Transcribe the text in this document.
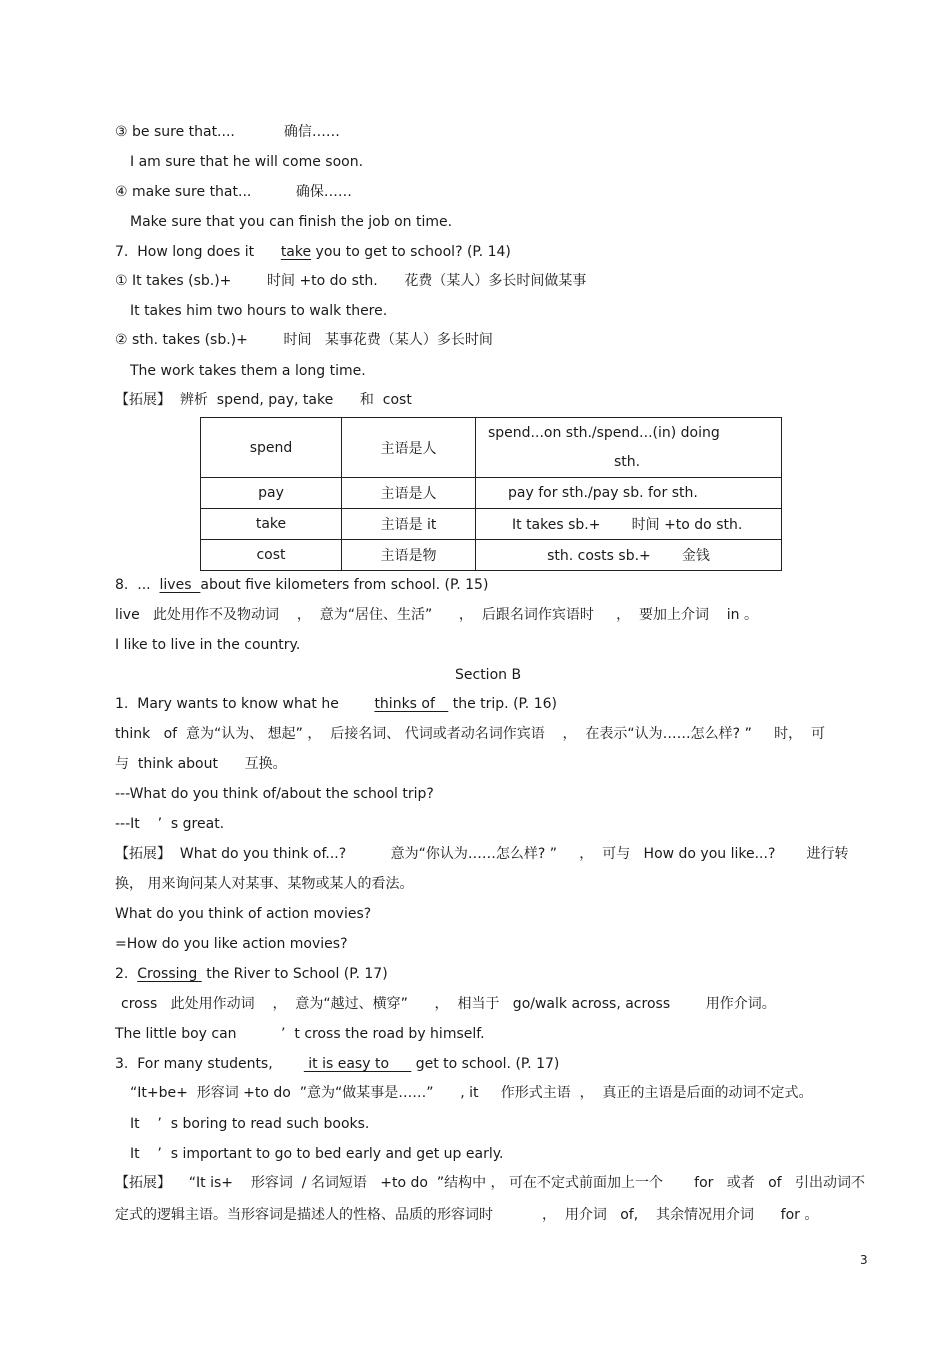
③ be sure that....           确信……
I am sure that he will come soon.
④ make sure that...          确保……
Make sure that you can finish the job on time.
7.  How long does it      take you to get to school? (P. 14)
① It takes (sb.)+        时间 +to do sth.      花费（某人）多长时间做某事
It takes him two hours to walk there.
② sth. takes (sb.)+        时间   某事花费（某人）多长时间
The work takes them a long time.
【拓展】  辨析  spend, pay, take      和  cost
spend	主语是人	spend...on sth./spend...(in) doing
sth.

pay	主语是人	pay for sth./pay sb. for sth.
take	主语是 it	It takes sb.+       时间 +to do sth.
cost	主语是物	sth. costs sb.+       金钱
8.  ...  lives  about five kilometers from school. (P. 15)
live   此处用作不及物动词    ，  意为“居住、生活”      ，  后跟名词作宾语时     ，  要加上介词    in 。
I like to live in the country.
Section B
1.  Mary wants to know what he        thinks of    the trip. (P. 16)
think   of  意为“认为、 想起” ，  后接名词、 代词或者动名词作宾语    ，  在表示“认为……怎么样? ”     时，  可
与  think about      互换。
---What do you think of/about the school trip?
---It    ’  s great.
【拓展】  What do you think of...?          意为“你认为……怎么样? ”     ，  可与   How do you like...?       进行转
换， 用来询问某人对某事、某物或某人的看法。
What do you think of action movies?
=How do you like action movies?
2.  Crossing  the River to School (P. 17)
cross   此处用作动词    ，  意为“越过、横穿”      ，  相当于   go/walk across, across        用作介词。
The little boy can          ’  t cross the road by himself.
3.  For many students,        it is easy to      get to school. (P. 17)
“It+be+  形容词 +to do  ”意为“做某事是……”      , it     作形式主语  ，  真正的主语是后面的动词不定式。
It    ’  s boring to read such books.
It    ’  s important to go to bed early and get up early.
【拓展】    “It is+    形容词  / 名词短语   +to do  ”结构中 ， 可在不定式前面加上一个       for   或者   of   引出动词不
定式的逻辑主语。当形容词是描述人的性格、品质的形容词时           ，  用介词   of,    其余情况用介词      for 。
3
